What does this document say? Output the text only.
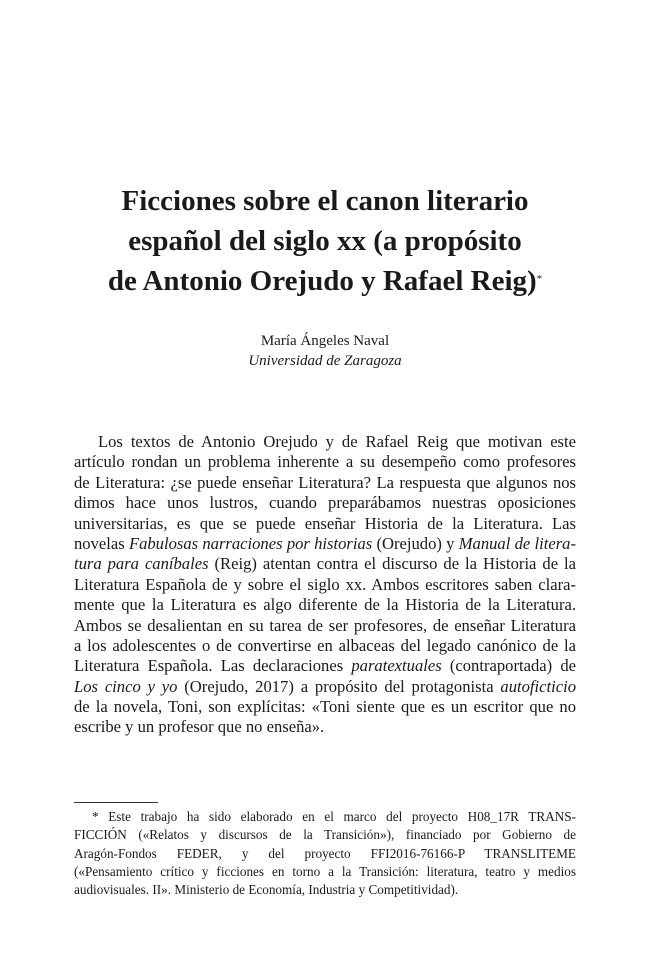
Ficciones sobre el canon literario
español del siglo xx (a propósito
de Antonio Orejudo y Rafael Reig)*
María Ángeles Naval
Universidad de Zaragoza
Los textos de Antonio Orejudo y de Rafael Reig que motivan este
artículo rondan un problema inherente a su desempeño como profesores
de Literatura: ¿se puede enseñar Literatura? La respuesta que algunos nos
dimos hace unos lustros, cuando preparábamos nuestras oposiciones
universitarias, es que se puede enseñar Historia de la Literatura. Las
novelas Fabulosas narraciones por historias (Orejudo) y Manual de litera-
tura para caníbales (Reig) atentan contra el discurso de la Historia de la
Literatura Española de y sobre el siglo xx. Ambos escritores saben clara-
mente que la Literatura es algo diferente de la Historia de la Literatura.
Ambos se desalientan en su tarea de ser profesores, de enseñar Literatura
a los adolescentes o de convertirse en albaceas del legado canónico de la
Literatura Española. Las declaraciones paratextuales (contraportada) de
Los cinco y yo (Orejudo, 2017) a propósito del protagonista autoficticio
de la novela, Toni, son explícitas: «Toni siente que es un escritor que no
escribe y un profesor que no enseña».
* Este trabajo ha sido elaborado en el marco del proyecto H08_17R TRANS-
FICCIÓN («Relatos y discursos de la Transición»), financiado por Gobierno de
Aragón-Fondos FEDER, y del proyecto FFI2016-76166-P TRANSLITEME
(«Pensamiento crítico y ficciones en torno a la Transición: literatura, teatro y medios
audiovisuales. II». Ministerio de Economía, Industria y Competitividad).
